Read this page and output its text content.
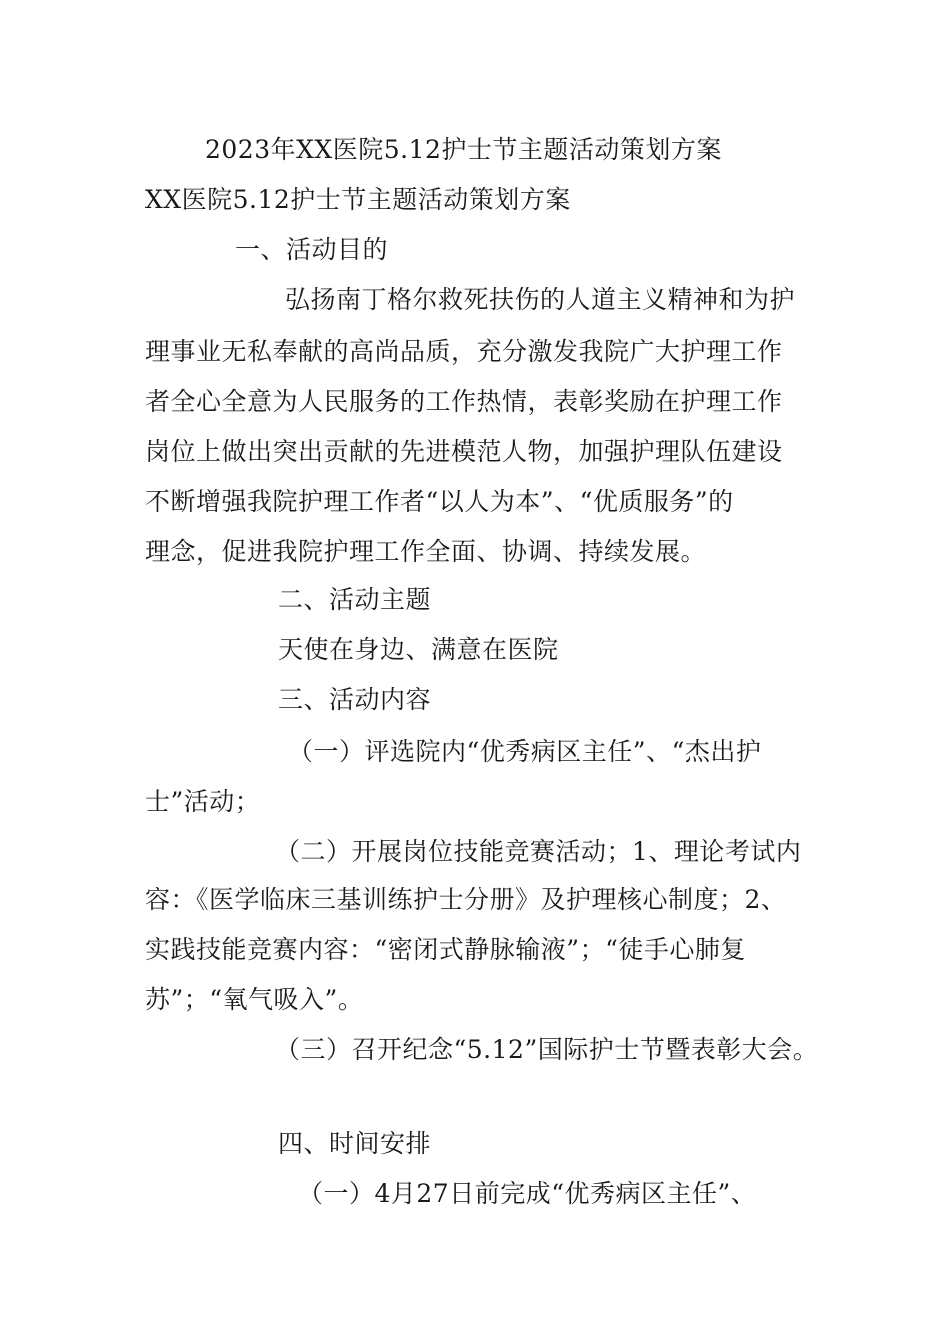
2023年XX医院5.12护士节主题活动策划方案
XX医院5.12护士节主题活动策划方案
一、活动目的
弘扬南丁格尔救死扶伤的人道主义精神和为护
理事业无私奉献的高尚品质，充分激发我院广大护理工作
者全心全意为人民服务的工作热情，表彰奖励在护理工作
岗位上做出突出贡献的先进模范人物，加强护理队伍建设
不断增强我院护理工作者“以人为本”、“优质服务”的
理念，促进我院护理工作全面、协调、持续发展。
二、活动主题
天使在身边、满意在医院
三、活动内容
（一）评选院内“优秀病区主任”、“杰出护
士”活动；
（二）开展岗位技能竞赛活动；1、理论考试内
容：《医学临床三基训练护士分册》及护理核心制度；2、
实践技能竞赛内容：“密闭式静脉输液”；“徒手心肺复
苏”；“氧气吸入”。
（三）召开纪念“5.12”国际护士节暨表彰大会。
四、时间安排
（一）4月27日前完成“优秀病区主任”、
